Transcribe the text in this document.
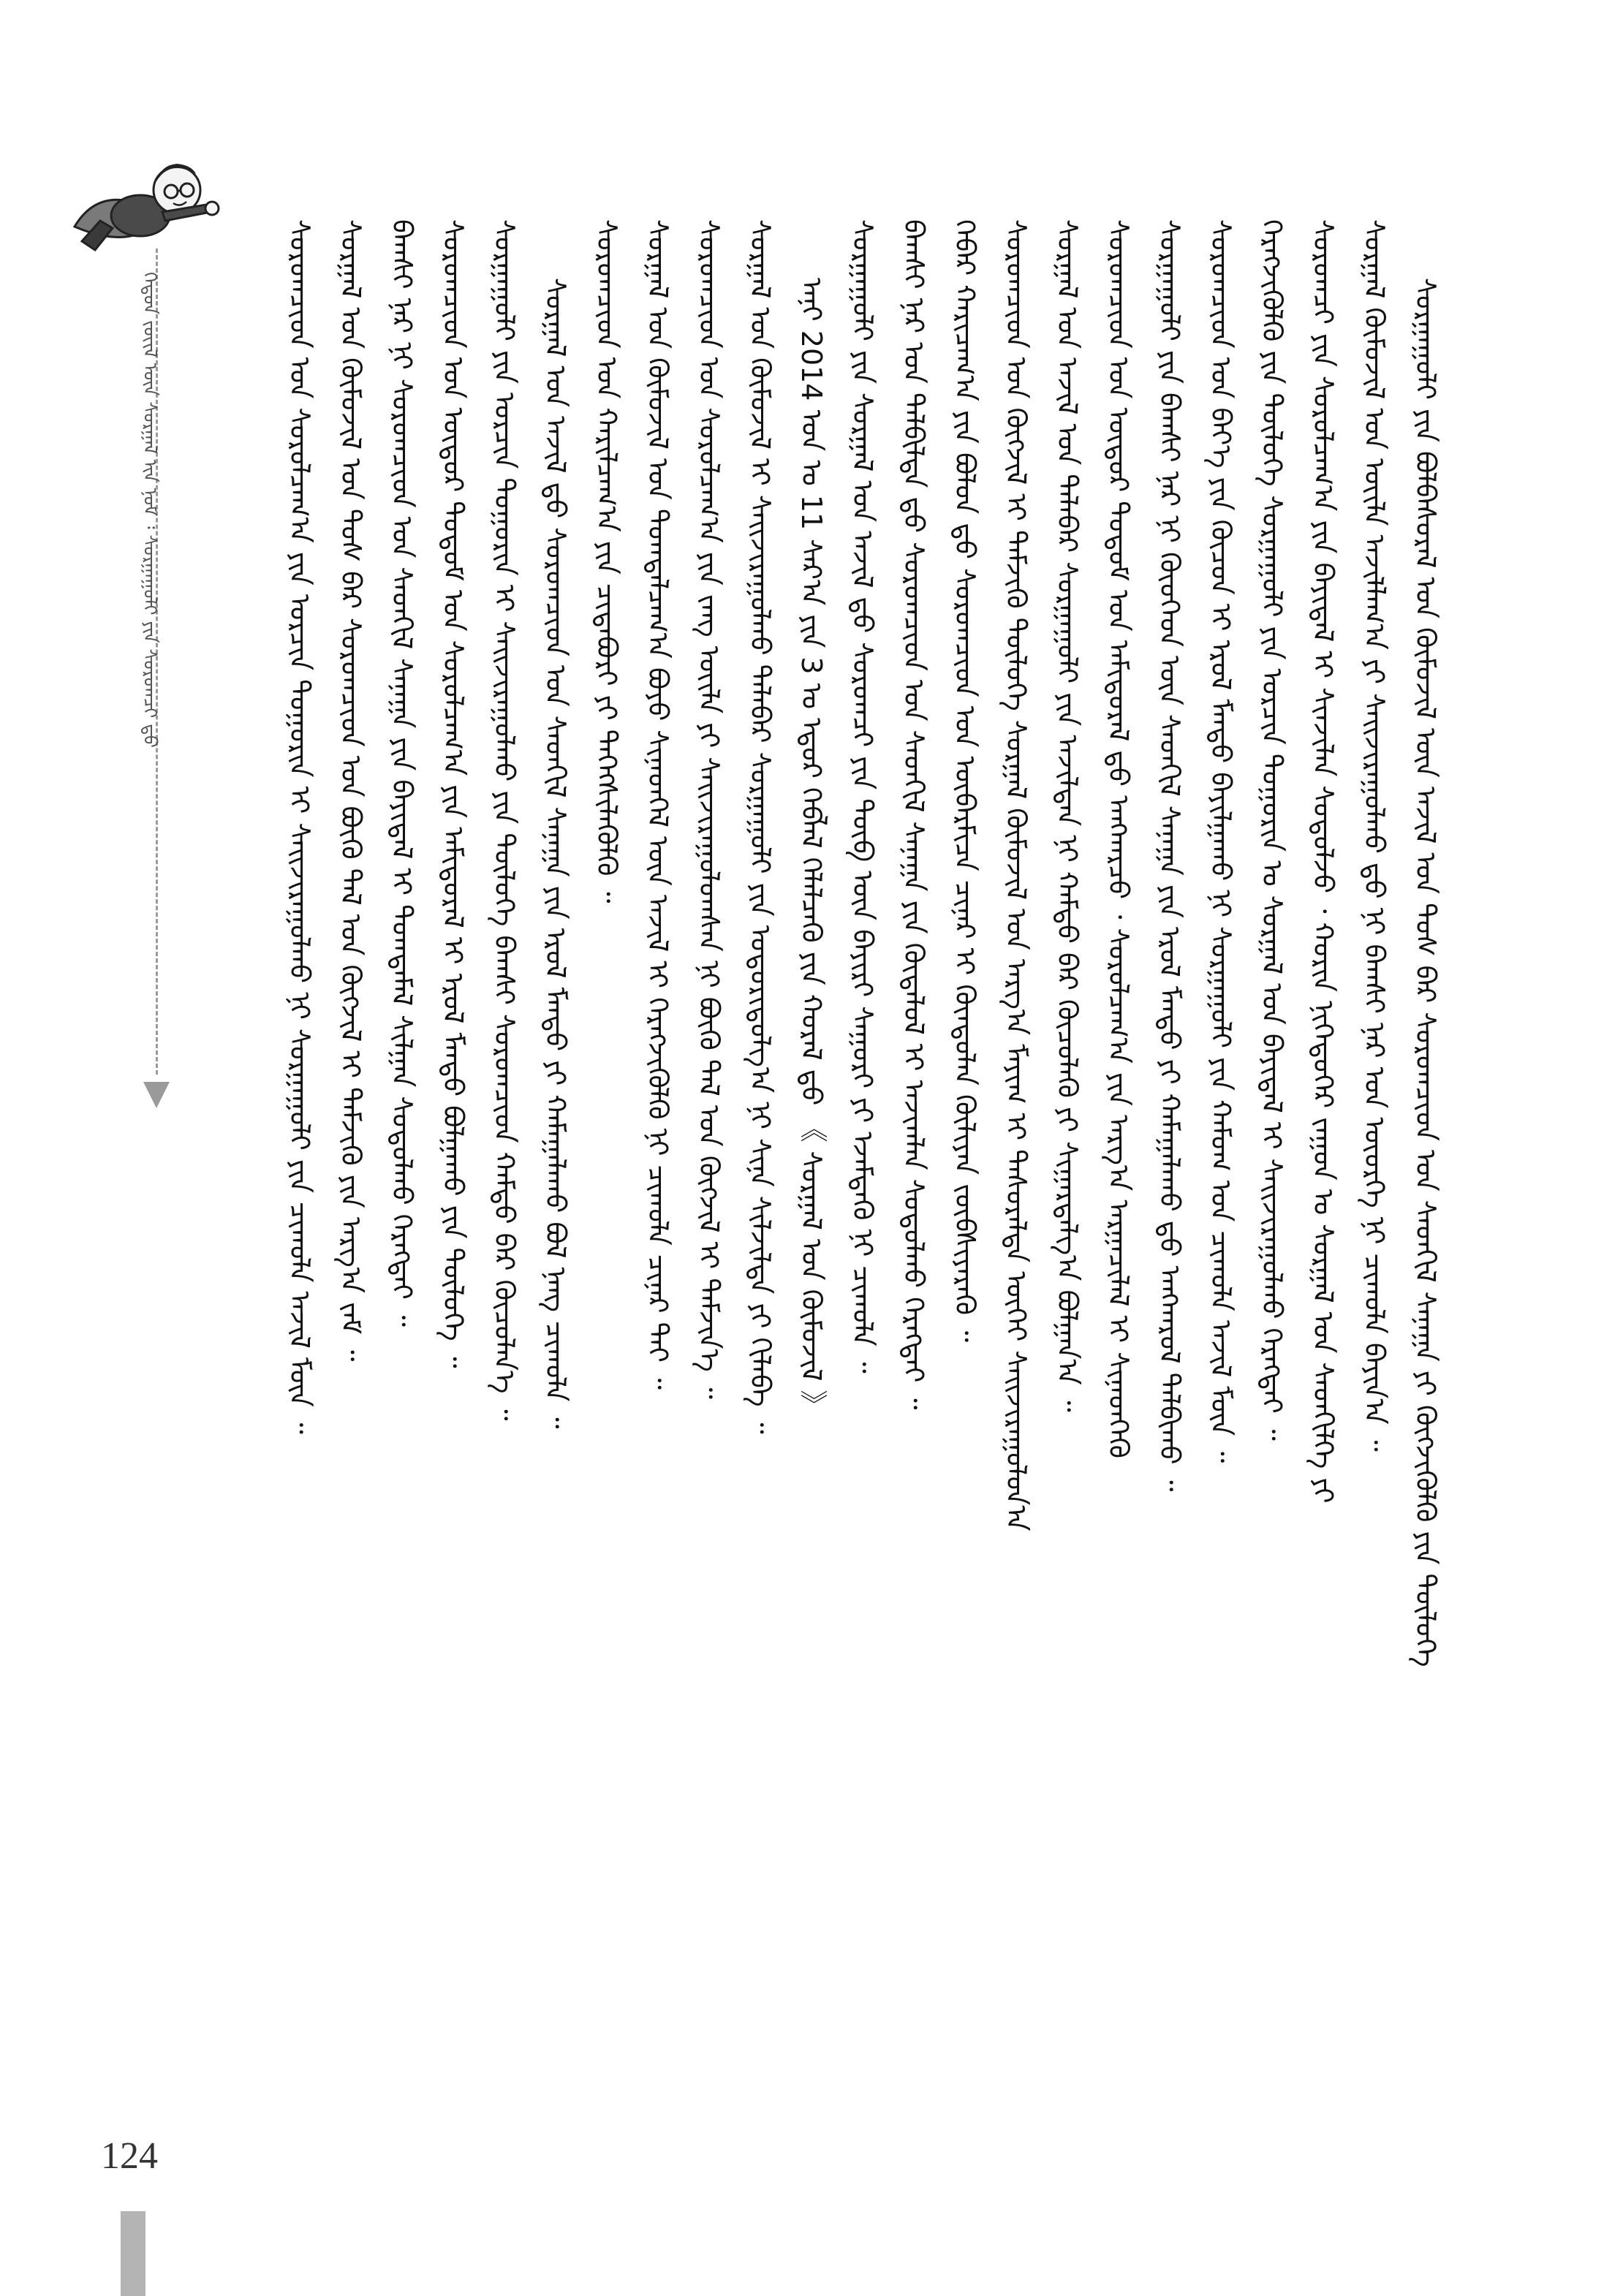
ᠬᠡᠳᠦᠨ ᠵᠦᠢᠯ ᠦᠨ ᠰᠤᠷᠭᠠᠯ ᠢᠨ ᠨᠣᠮ ᠄ ᠰᠤᠷᠭᠠᠭᠤᠯᠢ ᠶᠢᠨ ᠰᠤᠷᠤᠭᠴᠢ ᠳ᠋ᠤ	ᠰᠤᠷᠭᠠᠭᠤᠯᠢ ᠶᠢᠨ ᠪᠣᠯᠪᠠᠰᠤᠷᠠᠯ ᠤᠨ ᠬᠦᠮᠦᠵᠢᠯ ᠦᠨ ᠠᠵᠢᠯ ᠤᠨ ᠲᠤᠰ ᠪᠡᠷ ᠰᠤᠷᠤᠭᠴᠢᠳ ᠤᠨ ᠰᠡᠳᠬᠢᠯ ᠰᠠᠨᠠᠭᠠ ᠶᠢ ᠬᠥᠭᠵᠢᠭᠦᠯᠬᠦ ᠶᠢᠨ ᠲᠦᠯᠦᠭᠡ
ᠰᠤᠷᠭᠠᠯ ᠬᠦᠮᠦᠵᠢᠯ ᠤᠨ ᠦᠢᠯᠡ ᠠᠵᠢᠯᠯᠠᠭ᠎ᠠ ᠶᠢ ᠰᠠᠢᠵᠢᠷᠠᠭᠤᠯᠬᠤ ᠳ᠋ᠤ ᠨᠢ ᠪᠠᠭᠰᠢ ᠨᠠᠷ ᠤᠨ ᠦᠦᠷᠭᠡ ᠨᠢ ᠴᠢᠬᠤᠯᠠ ᠪᠠᠶᠢᠨ᠎ᠠ ᠃
ᠰᠤᠷᠤᠭᠴᠢ ᠶᠢᠨ ᠰᠤᠷᠤᠯᠴᠠᠭ᠎ᠠ ᠶᠢᠨ ᠪᠠᠶᠢᠳᠠᠯ ᠢ ᠰᠢᠨᠵᠢᠯᠡᠨ ᠰᠣᠳᠤᠯᠵᠤ ᠂ ᠬᠣᠷᠢᠨ ᠨᠢᠭᠡᠳᠦᠭᠡᠷ ᠵᠠᠭᠤᠨ ᠤ ᠰᠤᠷᠭᠠᠯ ᠤᠨ ᠰᠡᠳᠬᠢᠯᠭᠡ ᠶᠢ
ᠬᠡᠷᠡᠭᠵᠢᠭᠦᠯᠬᠦ ᠶᠢᠨ ᠲᠥᠯᠥᠭᠡ ᠰᠤᠷᠭᠠᠭᠤᠯᠢ ᠶᠢᠨ ᠣᠷᠴᠢᠨ ᠲᠣᠭᠣᠷᠢᠨ ᠤ ᠰᠤᠷᠭᠠᠯ ᠤᠨ ᠪᠠᠶᠢᠳᠠᠯ ᠢ ᠰᠠᠢᠵᠢᠷᠠᠭᠤᠯᠬᠤ ᠬᠡᠷᠡᠭᠲᠡᠶ ᠃
ᠰᠤᠷᠤᠭᠴᠢᠳ ᠤᠨ ᠪᠡᠶ᠎ᠡ ᠶᠢᠨ ᠬᠦᠴᠦᠨ ᠢ ᠡᠷᠦᠯ ᠮᠡᠨᠳᠦ ᠪᠠᠶᠢᠯᠭᠠᠬᠤ ᠨᠢ ᠰᠤᠷᠭᠠᠭᠤᠯᠢ ᠶᠢᠨ ᠬᠠᠮᠤᠭ ᠤᠨ ᠴᠢᠬᠤᠯᠠ ᠠᠵᠢᠯ ᠮᠥᠨ ᠃
ᠰᠤᠷᠭᠠᠭᠤᠯᠢ ᠶᠢᠨ ᠪᠠᠭᠰᠢ ᠨᠠᠷ ᠨᠢ ᠬᠦᠦᠬᠡᠳ ᠦᠨ ᠰᠡᠳᠬᠢᠯ ᠰᠠᠨᠠᠭᠠ ᠶᠢᠨ ᠡᠷᠦᠯ ᠮᠡᠨᠳᠦ ᠶᠢ ᠬᠠᠮᠠᠭᠠᠯᠠᠬᠤ ᠳ᠋ᠤ ᠠᠩᠬᠠᠷᠤᠯ ᠲᠠᠯᠪᠢᠬᠤ ᠃
ᠰᠤᠷᠤᠭᠴᠢᠳ ᠤᠨ ᠥᠳᠥᠷ ᠲᠤᠲᠤᠮ ᠤᠨ ᠠᠮᠢᠳᠤᠷᠠᠯ ᠳ᠋ᠤ ᠠᠩᠬᠠᠷᠴᠤ ᠂ ᠰᠤᠷᠤᠯᠴᠠᠭ᠎ᠠ ᠶᠢᠨ ᠠᠷᠭ᠎ᠠ ᠠᠷᠭᠠᠴᠢᠯᠠᠯ ᠢ ᠰᠢᠨᠡᠳᠭᠡᠬᠦ
ᠰᠤᠷᠭᠠᠯ ᠤᠨ ᠠᠵᠢᠯ ᠤᠨ ᠲᠠᠯᠠᠪᠠᠷ ᠰᠤᠷᠭᠠᠭᠤᠯᠢ ᠶᠢᠨ ᠠᠵᠢᠯᠲᠠᠨ ᠨᠢ ᠬᠠᠮᠲᠤ ᠪᠡᠷ ᠬᠦᠴᠦᠯᠡᠬᠦ ᠶᠢ ᠰᠢᠭᠠᠷᠳᠠᠯᠭ᠎ᠠ ᠪᠣᠯᠭᠠᠨ᠎ᠠ ᠃
ᠰᠤᠷᠤᠭᠴᠢᠳ ᠤᠨ ᠬᠥᠭᠵᠢᠯ ᠢ ᠳᠡᠮᠵᠢᠬᠦ ᠲᠥᠯᠥᠭᠡ ᠰᠤᠷᠭᠠᠯ ᠬᠦᠮᠦᠵᠢᠯ ᠤᠨ ᠠᠷᠭ᠎ᠠ ᠮᠠᠶᠢᠭ ᠢ ᠲᠠᠰᠤᠷᠠᠯᠲᠠ ᠦᠭᠡᠢ ᠰᠠᠢᠵᠢᠷᠠᠭᠤᠯᠤᠨ᠎ᠠ
ᠬᠡᠪᠡᠷ ᠬᠠᠷᠢᠴᠠᠭ᠎ᠠ ᠶᠢᠨ ᠪᠤᠯᠤᠨ ᠳ᠋ᠤ ᠰᠤᠷᠤᠭᠴᠢᠳ ᠤᠨ ᠥᠪᠡᠷᠮᠢᠴᠡ ᠴᠢᠨᠠᠷ ᠢ ᠬᠦᠨᠳᠦᠯᠡᠨ ᠬᠦᠯᠢᠶᠡᠨ ᠵᠥᠪᠰᠢᠶᠡᠷᠡᠬᠦ ᠃
ᠪᠠᠭᠰᠢ ᠨᠠᠷ ᠤᠨ ᠲᠠᠯᠪᠢᠯᠲᠠ ᠳ᠋ᠤ ᠰᠤᠷᠤᠭᠴᠢᠳ ᠤᠨ ᠰᠡᠳᠬᠢᠯ ᠰᠠᠨᠠᠭᠠ ᠶᠢᠨ ᠬᠦᠳᠡᠯᠦᠯ ᠢ ᠠᠵᠢᠭᠯᠠᠨ ᠰᠤᠳᠤᠯᠬᠤ ᠬᠡᠷᠡᠭᠲᠡᠶ ᠃
ᠰᠤᠷᠭᠠᠭᠤᠯᠢ ᠶᠢᠨ ᠰᠤᠷᠭᠠᠯ ᠤᠨ ᠠᠵᠢᠯ ᠳ᠋ᠤ ᠰᠤᠷᠤᠭᠴᠢ ᠶᠢᠨ ᠲᠥᠪ ᠦᠨ ᠪᠠᠶᠢᠷᠢ ᠰᠠᠭᠤᠷᠢ ᠶᠢ ᠡᠵᠡᠮᠳᠡᠬᠦ ᠨᠢ ᠴᠢᠬᠤᠯᠠ ᠃
ᠠᠨᠢ 2014 ᠣᠨ ᠤ 11 ᠰᠠᠷ᠎ᠠ ᠶᠢᠨ 3 ᠤ ᠡᠳᠦᠷ ᠬᠡᠪᠯᠡᠯ ᠬᠡᠯᠡᠯᠴᠡᠬᠦ ᠶᠢᠨ ᠬᠤᠷᠠᠯ ᠳ᠋ᠤ 《 ᠰᠤᠷᠭᠠᠯ ᠤᠨ ᠬᠦᠮᠦᠵᠢᠯ 》
ᠰᠤᠷᠭᠠᠯ ᠤᠨ ᠬᠦᠮᠦᠵᠢᠯ ᠢ ᠰᠠᠢᠵᠢᠷᠠᠭᠤᠯᠬᠤ ᠲᠠᠯᠠᠪᠠᠷ ᠰᠤᠷᠭᠠᠭᠤᠯᠢ ᠶᠢᠨ ᠤᠳᠤᠷᠢᠳᠤᠯᠭ᠎ᠠ ᠨᠢ ᠰᠢᠨᠡ ᠰᠢᠯᠵᠢᠯᠲᠡ ᠶᠢ ᠬᠢᠯᠡᠪᠡ ᠃
ᠰᠤᠷᠤᠭᠴᠢᠳ ᠤᠨ ᠰᠤᠷᠤᠯᠴᠠᠭ᠎ᠠ ᠶᠢᠨ ᠵᠠᠩ ᠦᠢᠯᠡ ᠶᠢ ᠰᠠᠢᠵᠢᠷᠠᠭᠤᠯᠤᠭᠰᠠᠨ ᠨᠢ ᠪᠦᠬᠦ ᠲᠠᠯ ᠤᠨ ᠬᠥᠭᠵᠢᠯ ᠢ ᠳᠡᠮᠵᠢᠨ᠎ᠡ ᠃
ᠰᠤᠷᠭᠠᠯ ᠤᠨ ᠬᠦᠮᠦᠵᠢᠯ ᠤᠨ ᠲᠣᠭᠲᠠᠯᠴᠠᠭ᠎ᠠ ᠪᠤᠶᠤ ᠰᠢᠨᠡᠳᠬᠡᠯ ᠦᠨ ᠠᠵᠢᠯ ᠢ ᠬᠡᠷᠡᠭᠵᠢᠭᠦᠯᠬᠦ ᠨᠢ ᠴᠢᠬᠤᠯᠠ ᠴᠢᠨᠠᠷ ᠲᠠᠢ ᠃
ᠰᠤᠷᠤᠭᠴᠢᠳ ᠤᠨ ᠬᠠᠷᠢᠯᠴᠠᠭ᠎ᠠ ᠶᠢᠨ ᠴᠢᠳᠠᠪᠤᠷᠢ ᠶᠢ ᠳᠡᠭᠡᠭᠰᠢᠯᠡᠭᠦᠯᠬᠦ ᠃
ᠰᠤᠷᠭᠠᠯ ᠤᠨ ᠠᠵᠢᠯ ᠳ᠋ᠤ ᠰᠤᠷᠤᠭᠴᠢᠳ ᠤᠨ ᠰᠡᠳᠬᠢᠯ ᠰᠠᠨᠠᠭᠠ ᠶᠢᠨ ᠡᠷᠦᠯ ᠮᠡᠨᠳᠦ ᠶᠢ ᠬᠠᠮᠠᠭᠠᠯᠠᠬᠤ ᠪᠣᠯ ᠨᠡᠩ ᠴᠢᠬᠤᠯᠠ ᠃
ᠰᠤᠷᠭᠠᠭᠤᠯᠢ ᠶᠢᠨ ᠣᠷᠴᠢᠨ ᠲᠣᠭᠣᠷᠢᠨ ᠢ ᠰᠠᠢᠵᠢᠷᠠᠭᠤᠯᠬᠤ ᠶᠢᠨ ᠲᠥᠯᠥᠭᠡ ᠪᠠᠭᠰᠢ ᠰᠤᠷᠤᠭᠴᠢᠳ ᠬᠠᠮᠲᠤ ᠪᠡᠷ ᠬᠦᠴᠦᠯᠡᠨ᠎ᠡ ᠃
ᠰᠤᠷᠤᠭᠴᠢᠳ ᠤᠨ ᠥᠳᠥᠷ ᠲᠤᠲᠤᠮ ᠤᠨ ᠰᠤᠷᠤᠯᠴᠠᠭ᠎ᠠ ᠶᠢᠨ ᠠᠮᠢᠳᠤᠷᠠᠯ ᠢ ᠡᠷᠦᠯ ᠮᠡᠨᠳᠦ ᠪᠣᠯᠭᠠᠬᠤ ᠶᠢᠨ ᠲᠥᠯᠥᠭᠡ ᠃
ᠪᠠᠭᠰᠢ ᠨᠠᠷ ᠨᠢ ᠰᠤᠷᠤᠭᠴᠢᠳ ᠤᠨ ᠰᠡᠳᠬᠢᠯ ᠰᠠᠨᠠᠭᠠ ᠶᠢᠨ ᠪᠠᠶᠢᠳᠠᠯ ᠢ ᠲᠣᠭᠲᠠᠮᠠᠯ ᠰᠢᠯᠭᠠᠨ ᠰᠣᠳᠤᠯᠬᠤ ᠬᠡᠷᠡᠭᠲᠡᠶ ᠃
ᠰᠤᠷᠭᠠᠯ ᠤᠨ ᠬᠦᠮᠦᠵᠢᠯ ᠤᠨ ᠲᠤᠰ ᠪᠡᠷ ᠰᠤᠷᠤᠭᠴᠢᠳ ᠤᠨ ᠪᠦᠬᠦ ᠲᠠᠯ ᠤᠨ ᠬᠥᠭᠵᠢᠯ ᠢ ᠳᠡᠮᠵᠢᠬᠦ ᠶᠢᠨ ᠠᠷᠭ᠎ᠠ ᠵᠠᠮ ᠃
ᠰᠤᠷᠤᠭᠴᠢᠳ ᠤᠨ ᠰᠤᠷᠤᠯᠴᠠᠭ᠎ᠠ ᠶᠢᠨ ᠣᠷᠴᠢᠨ ᠲᠣᠭᠣᠷᠢᠨ ᠢ ᠰᠠᠢᠵᠢᠷᠠᠭᠤᠯᠬᠤ ᠨᠢ ᠰᠤᠷᠭᠠᠭᠤᠯᠢ ᠶᠢᠨ ᠴᠢᠬᠤᠯᠠ ᠠᠵᠢᠯ ᠮᠥᠨ ᠃
124
